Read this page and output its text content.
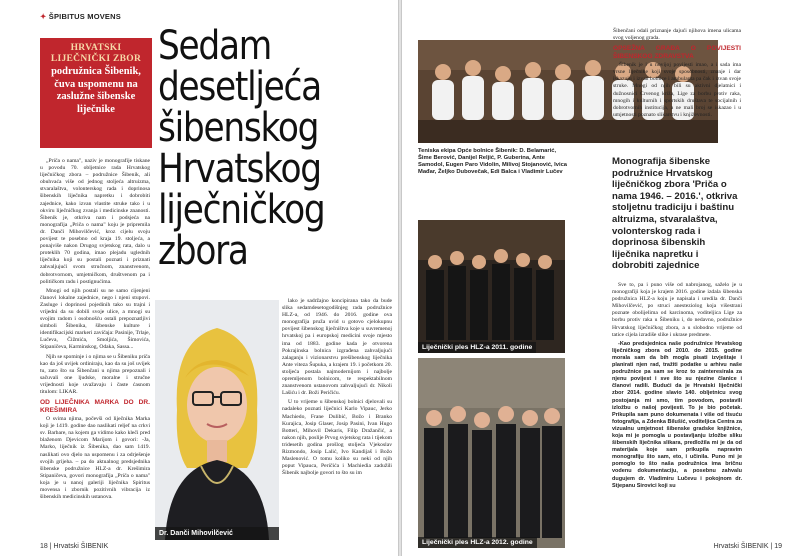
✦ ŠPIBITUS MOVENS
HRVATSKI LIJEČNIČKI ZBOR
podružnica Šibenik, čuva uspomenu na zaslužne šibenske liječnike
Sedam
desetljeća
šibenskog
Hrvatskog
liječničkog
zbora

„Priča o nama", naziv je monografije tiskane u povodu 70. obljetnice rada Hrvatskog liječničkog zbora – podružnice Šibenik, ali obuhvaća više od jednog stoljeća altruizma, stvaralaštva, volonterskog rada i doprinosa šibenskih liječnika napretku i dobrobiti zajednice, kako izvan vlastite struke tako i u okviru liječničkog zvanja i medicinske znanosti. Šibenik je, otkriva nam i podsjeća na monografija „Priča o nama" koju je pripremila dr. Danči Mihovilčević, kroz cijelu svoju povijest te posebno od kraja 19. stoljeća, a ponajviše nakon Drugog svjetskog rata, dalo u proteklih 70 godina, imao plejadu uglednih liječnika koji su postali poznati i priznati zahvaljujući svom stručnom, znanstvenom, dobrotvornom, umjetničkom, društvenom pa i političkom radu i postignućima.

Mnogi od njih postali su ne samo cijenjeni članovi lokalne zajednice, nego i njeni stupovi. Zasluge i doprinosi pojedinih tako su trajni i vrijedni da su dobili svoje ulice, a mnogi su svojim radom i osobnošću ostali prepoznatljivi simboli Šibenika, šibenske kulture i identifikacijski markeri zavičaja: Pasinije, Trlaje, Lučeva, Čižmića, Smoljića, Šimovića, Stipaničeva, Karminskog, Odaka, Sassa...

Njih se spominje i o njima se u Šibeniku priča kao da još uvijek ordiniraju, kao da su još uvijek tu, zato što su Šibenčani u njima prepoznali i sačuvali one ljudske, moralne i stručne vrijednosti koje uvažavaju i časte ćasnom titulom: LIKAR.

OD LIJEČNIKA MARKA DO DR. KREŠIMIRA

O svima njima, počevši od liječnika Marka koji je 1419. godine dao naslikati reljef na crkvi sv. Barbare, na kojem ga vidimo kako kleči pred blaženom Djevicom Marijom i govori: -Ja, Marko, liječnik iz Šibenika, dao sam 1419. naslikati ovo djelo na uspomenu i za odrješenje svojih grijeha. – pa do aktualnog predsjednika šibenske podružnice HLZ-a dr. Krešimira Stipaničeva, govori monografija „Priča o nama" koja je u nanoj galeriji liječnika Spiritus movensa i zbornik pozitivnih vibracija iz šibenskih medicinskih ustanova.

Dr. Danči Mihovilčević

lako je sadržajno koncipirana tako da bude slika sedamdesetogodišnjeg rada podružnice HLZ-a, od 1946. do 2016. godine ova monografija pruža uvid u gotovo cjelokupnu povijest šibenskog liječništva koje u suvremenoj hrvatskoj pa i europskoj medicini svoje mjesto ima od 1883. godine kada je otvorena Pokrajinska bolnica izgrađena zahvaljujući zalaganju i vizionarstvu prešibenskog liječnika Ante viteza Šupuka, a krajem 19. i početkom 20. stoljeća postala najmodernijom i najbolje opremljenom bolnicom, te respektabilnom znanstvenom ustanovom zahvaljujući dr. Nikoli Lašiću i dr. Boži Peričiću.

U to vrijeme u šibenskoj bolnici djelovali su nadaleko poznati liječnici Karlo Vipauc, Jerko Machiedo, Frane Dulibić, Božo i Branko Kurajica, Josip Glaser, Josip Pasini, Ivan Hugo Botteri, Mihovil Dekaris, Filip Dražančić, a nakon njih, poslije Prvog svjetskog rata i tijekom tridesetih godina prošlog stoljeća Vjekoslav Rizmondo, Josip Lalić, Ivo Kandijaš i Božo Maslenović. O tomu koliko su neki od njih poput Vipauca, Peričića i Machiedia zadužili Šibenik najbolje govori to što su im

18 | Hrvatski ŠIBENIK	Hrvatski ŠIBENIK | 19
Teniska ekipa Opće bolnice Šibenik: D. Belamarić, Šime Berović, Danijel Reljić, P. Guberina, Ante Samodol, Eugen Paro Vidolin, Milivoj Stojanović, Ivica Mađar, Željko Dubovečak, Edi Balca i Vladimir Lučev

Šibenčani odali priznanje dajući njihova imena ulicama svog voljenog grada.

OPSEŽNA GRAĐA O POVIJESTI ŠIBENSKOG ZDRAVSTVA

Šibenik je i u novijoj povijesti imao, a i sada ima vrsne liječnike koji svoje sposobnosti, znanje i dar iskazuju i izvan bolnice i ambulanta pa čak i izvan svoje struke. Mnogi od njih bili su aktivni djelatnici i dužnosnici Crvenog križa, Lige za borbu protiv raka, mnogih i kulturnih i sportskih društava te socijalnih i dobrotvornih institucija, a ne mali broj se iskazao i u umjetnosti poznato slikarstvu i književnosti.

Monografija šibenske podružnice Hrvatskog liječničkog zbora 'Priča o nama 1946. – 2016.', otkriva stoljetnu tradiciju i baštinu altruizma, stvaralaštva, volonterskog rada i doprinosa šibenskih liječnika napretku i dobrobiti zajednice
Liječnički ples HLZ-a 2011. godine
Liječnički ples HLZ-a 2012. godine

Sve to, pa i puno više od nabrojanog, saželo je u monografiji koja je krajem 2016. godine izdala šibenska podružnica HLZ-a koju je napisala i uredila dr. Danči Mihovilčević, po struci anesteziolog koja višestrani poznate obolijelima od karcinoma, voditeljica Lige za borbu protiv raka u Šibeniku i, do nedavno, podružnice Hrvatskog liječničkog zbora, a u slobodno vrijeme od tatice cijela izradiše slike i ukrase predmete.

-Kao predsjednica naše podružnice Hrvatskog liječničkog zbora od 2010. do 2015. godine morala sam da bih mogla pisati izvještaje i planirati njen rad, tražiti podatke u arhivu naše podružnice pa sam se kroz to zainteresirala za njenu povijest i sve što su njezine članice i članovi radili. Budući da je Hrvatski liječnički zbor 2014. godine slavio 140. obljetnicu svog postojanja mi smo, tim povodom, postavili izložbu o našoj povijesti. To je bio početak. Prikupila sam puno dokumenata i više od tisuću fotografija, a Zdenka Bilušić, voditeljica Centra za vizualnu umjetnost šibenske gradske knjižnice, koja mi je pomogla u postavljanju izložbe sliku šibenskih liječnika slikara, predložila mi je da od materijala koje sam prikupila napravim monografiju što sam, eto, i učinila. Puno mi je pomoglo to što naša podružnica ima bričnu vodenu dokumentaciju, a posebnu zahvalu dugujem dr. Vladimiru Lučevu i pokojnom dr. Stjepanu Sirovici koji su
